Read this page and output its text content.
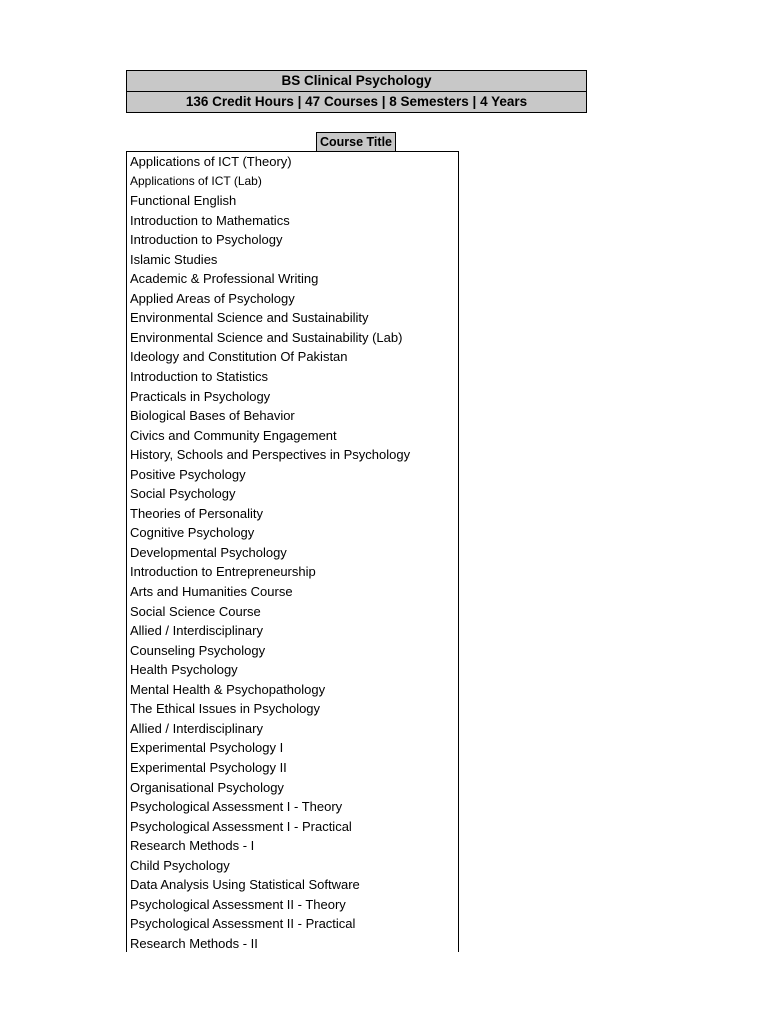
BS Clinical Psychology
136 Credit Hours | 47 Courses | 8 Semesters | 4 Years
Course Title
Applications of ICT (Theory)
Applications of ICT (Lab)
Functional English
Introduction to Mathematics
Introduction to Psychology
Islamic Studies
Academic & Professional Writing
Applied Areas of Psychology
Environmental Science and Sustainability
Environmental Science and Sustainability (Lab)
Ideology and Constitution Of Pakistan
Introduction to Statistics
Practicals in Psychology
Biological Bases of Behavior
Civics and Community Engagement
History, Schools and Perspectives in Psychology
Positive Psychology
Social Psychology
Theories of Personality
Cognitive Psychology
Developmental Psychology
Introduction to Entrepreneurship
Arts and Humanities Course
Social Science Course
Allied / Interdisciplinary
Counseling Psychology
Health Psychology
Mental Health & Psychopathology
The Ethical Issues in Psychology
Allied / Interdisciplinary
Experimental Psychology I
Experimental Psychology II
Organisational Psychology
Psychological Assessment I - Theory
Psychological Assessment I - Practical
Research Methods - I
Child Psychology
Data Analysis Using Statistical Software
Psychological Assessment II - Theory
Psychological Assessment II - Practical
Research Methods - II
